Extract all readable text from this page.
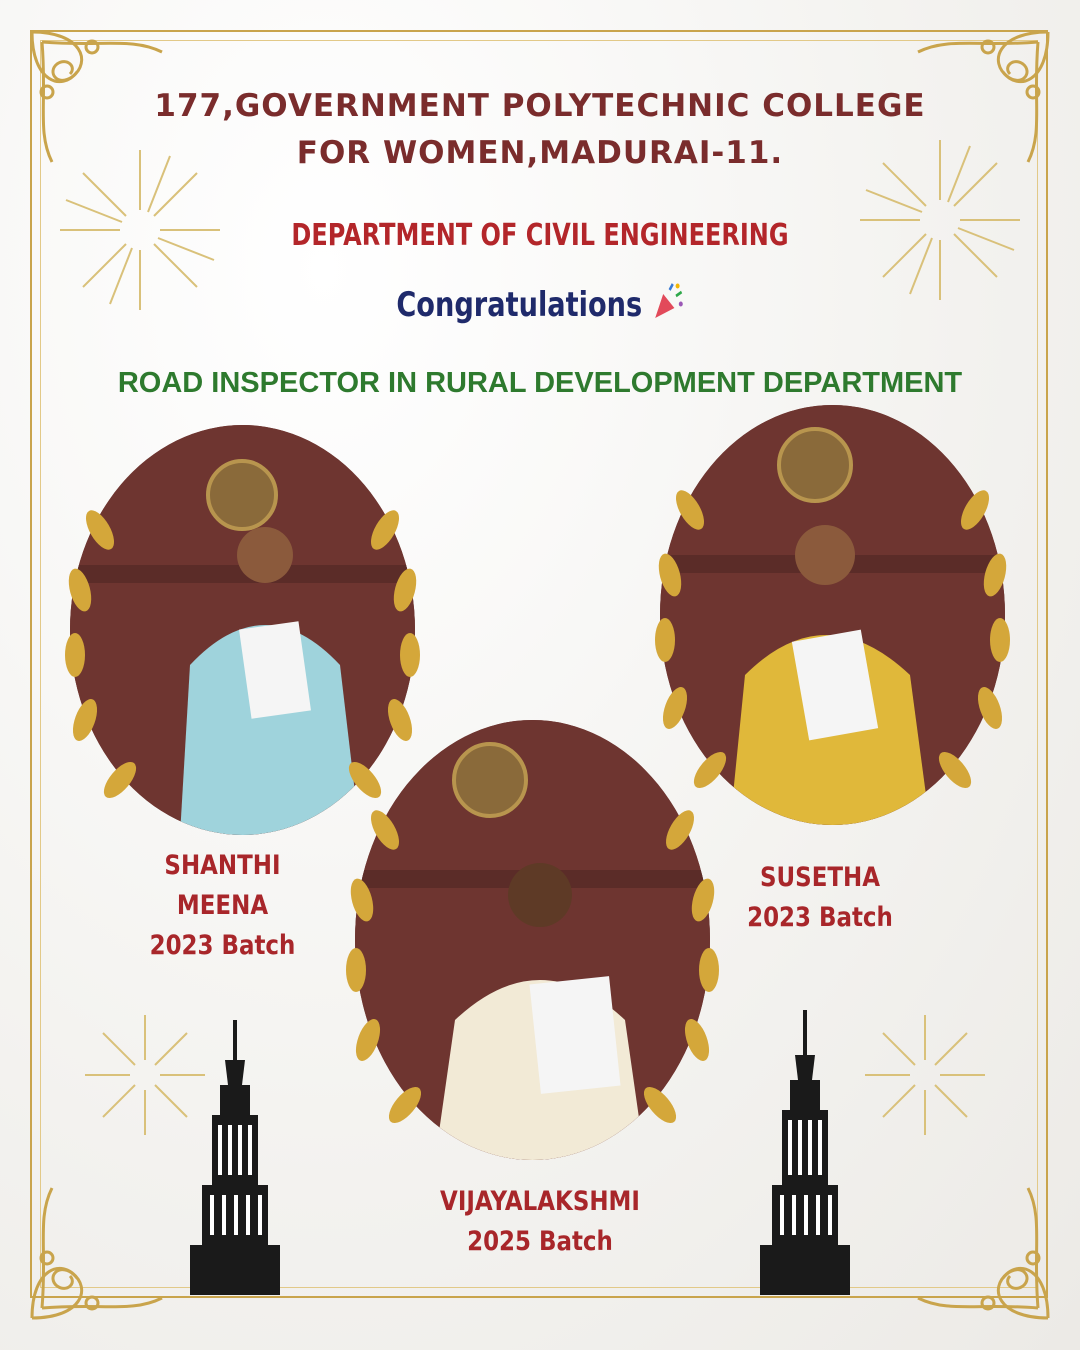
177,GOVERNMENT POLYTECHNIC COLLEGE
FOR WOMEN,MADURAI-11.
DEPARTMENT OF CIVIL ENGINEERING
Congratulations
ROAD INSPECTOR IN RURAL DEVELOPMENT DEPARTMENT
SHANTHI MEENA
2023 Batch
SUSETHA
2023 Batch
VIJAYALAKSHMI
2025 Batch
